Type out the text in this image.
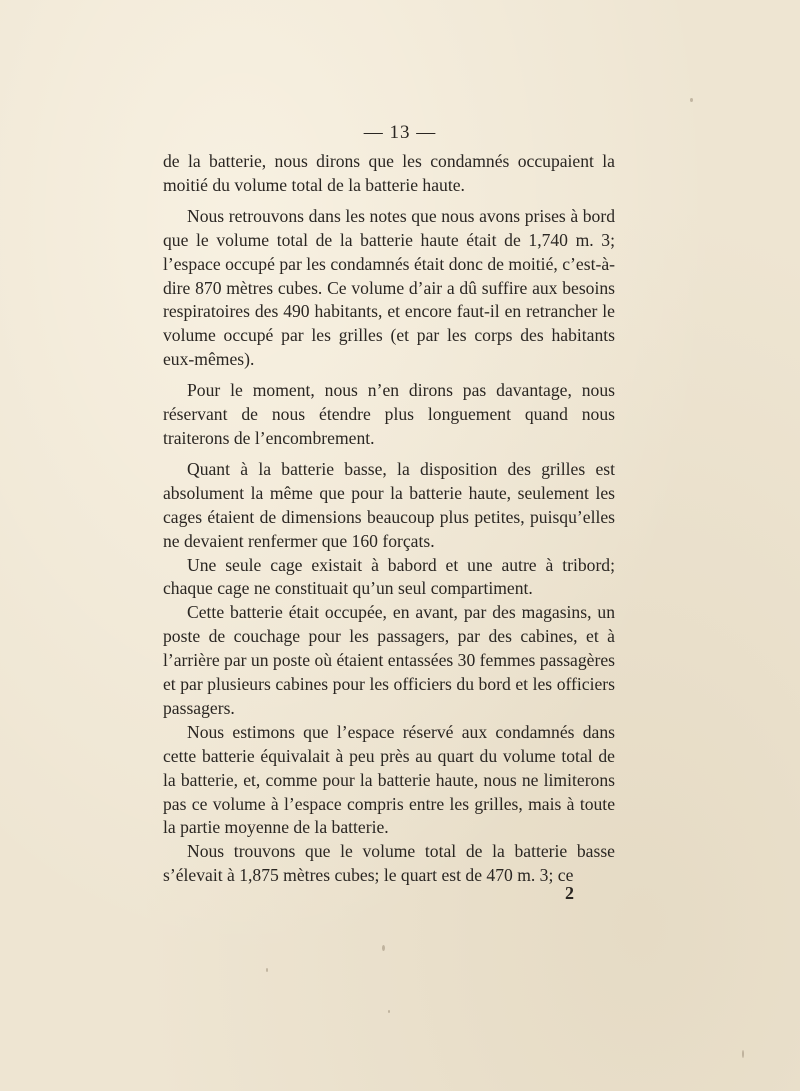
— 13 —

de la batterie, nous dirons que les condamnés occupaient la moitié du volume total de la batterie haute.

Nous retrouvons dans les notes que nous avons prises à bord que le volume total de la batterie haute était de 1,740 m. 3; l’espace occupé par les condamnés était donc de moitié, c’est-à-dire 870 mètres cubes. Ce volume d’air a dû suffire aux besoins respiratoires des 490 habitants, et encore faut-il en retrancher le volume occupé par les grilles (et par les corps des habitants eux-mêmes).

Pour le moment, nous n’en dirons pas davantage, nous réservant de nous étendre plus longuement quand nous traiterons de l’encombrement.

Quant à la batterie basse, la disposition des grilles est absolument la même que pour la batterie haute, seulement les cages étaient de dimensions beaucoup plus petites, puisqu’elles ne devaient renfermer que 160 forçats.

Une seule cage existait à babord et une autre à tribord; chaque cage ne constituait qu’un seul compartiment.

Cette batterie était occupée, en avant, par des magasins, un poste de couchage pour les passagers, par des cabines, et à l’arrière par un poste où étaient entassées 30 femmes passagères et par plusieurs cabines pour les officiers du bord et les officiers passagers.

Nous estimons que l’espace réservé aux condamnés dans cette batterie équivalait à peu près au quart du volume total de la batterie, et, comme pour la batterie haute, nous ne limiterons pas ce volume à l’espace compris entre les grilles, mais à toute la partie moyenne de la batterie.

Nous trouvons que le volume total de la batterie basse s’élevait à 1,875 mètres cubes; le quart est de 470 m. 3; ce

2
